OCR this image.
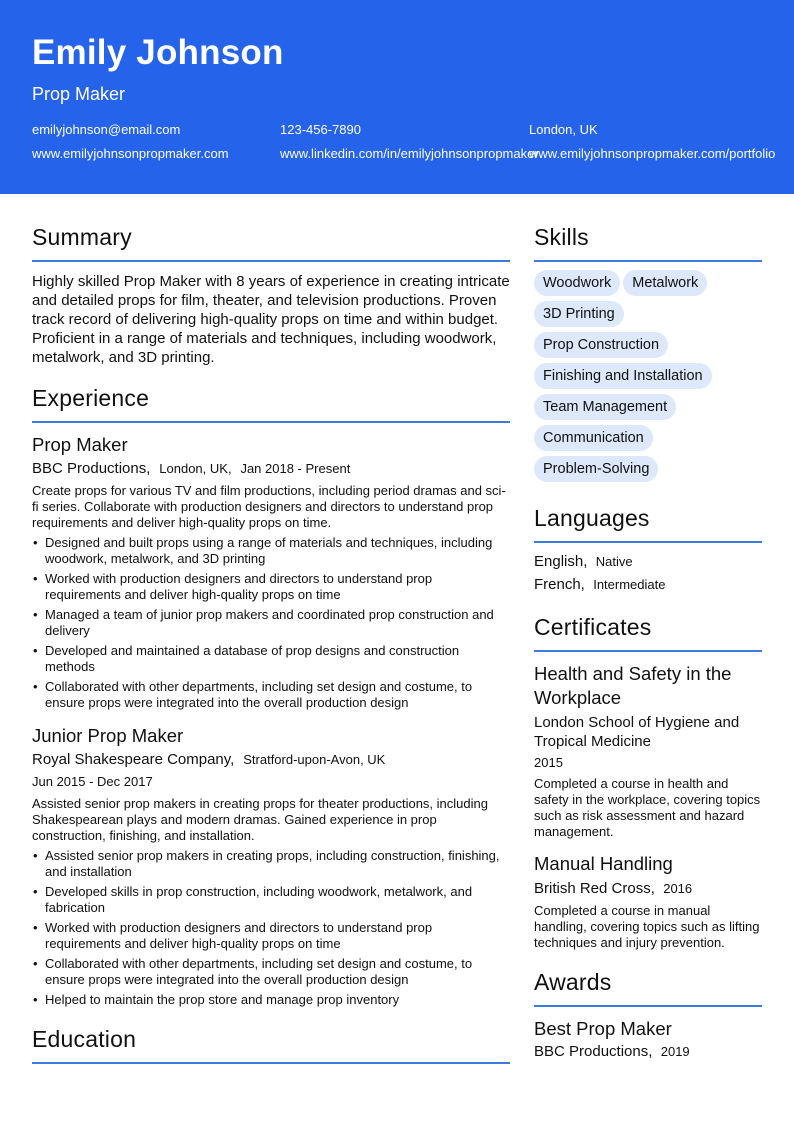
Emily Johnson
Prop Maker
emilyjohnson@email.com	123-456-7890	London, UK
www.emilyjohnsonpropmaker.com	www.linkedin.com/in/emilyjohnsonpropmaker
www.emilyjohnsonpropmaker.com/portfolio
Summary

Highly skilled Prop Maker with 8 years of experience in creating intricate and detailed props for film, theater, and television productions. Proven track record of delivering high-quality props on time and within budget. Proficient in a range of materials and techniques, including woodwork, metalwork, and 3D printing.

Experience
Prop Maker
BBC Productions, London, UK, Jan 2018 - Present

Create props for various TV and film productions, including period dramas and sci-fi series. Collaborate with production designers and directors to understand prop requirements and deliver high-quality props on time.

• Designed and built props using a range of materials and techniques, including woodwork, metalwork, and 3D printing
• Worked with production designers and directors to understand prop requirements and deliver high-quality props on time
• Managed a team of junior prop makers and coordinated prop construction and delivery
• Developed and maintained a database of prop designs and construction methods
• Collaborated with other departments, including set design and costume, to ensure props were integrated into the overall production design
Junior Prop Maker
Royal Shakespeare Company, Stratford-upon-Avon, UK
Jun 2015 - Dec 2017

Assisted senior prop makers in creating props for theater productions, including Shakespearean plays and modern dramas. Gained experience in prop construction, finishing, and installation.

• Assisted senior prop makers in creating props, including construction, finishing, and installation
• Developed skills in prop construction, including woodwork, metalwork, and fabrication
• Worked with production designers and directors to understand prop requirements and deliver high-quality props on time
• Collaborated with other departments, including set design and costume, to ensure props were integrated into the overall production design
• Helped to maintain the prop store and manage prop inventory
Education
Skills
Woodwork Metalwork
3D Printing
Prop Construction
Finishing and Installation
Team Management
Communication
Problem-Solving
Languages
English, Native
French, Intermediate
Certificates
Health and Safety in the Workplace
London School of Hygiene and Tropical Medicine
2015

Completed a course in health and safety in the workplace, covering topics such as risk assessment and hazard management.

Manual Handling
British Red Cross, 2016

Completed a course in manual handling, covering topics such as lifting techniques and injury prevention.

Awards
Best Prop Maker
BBC Productions, 2019
